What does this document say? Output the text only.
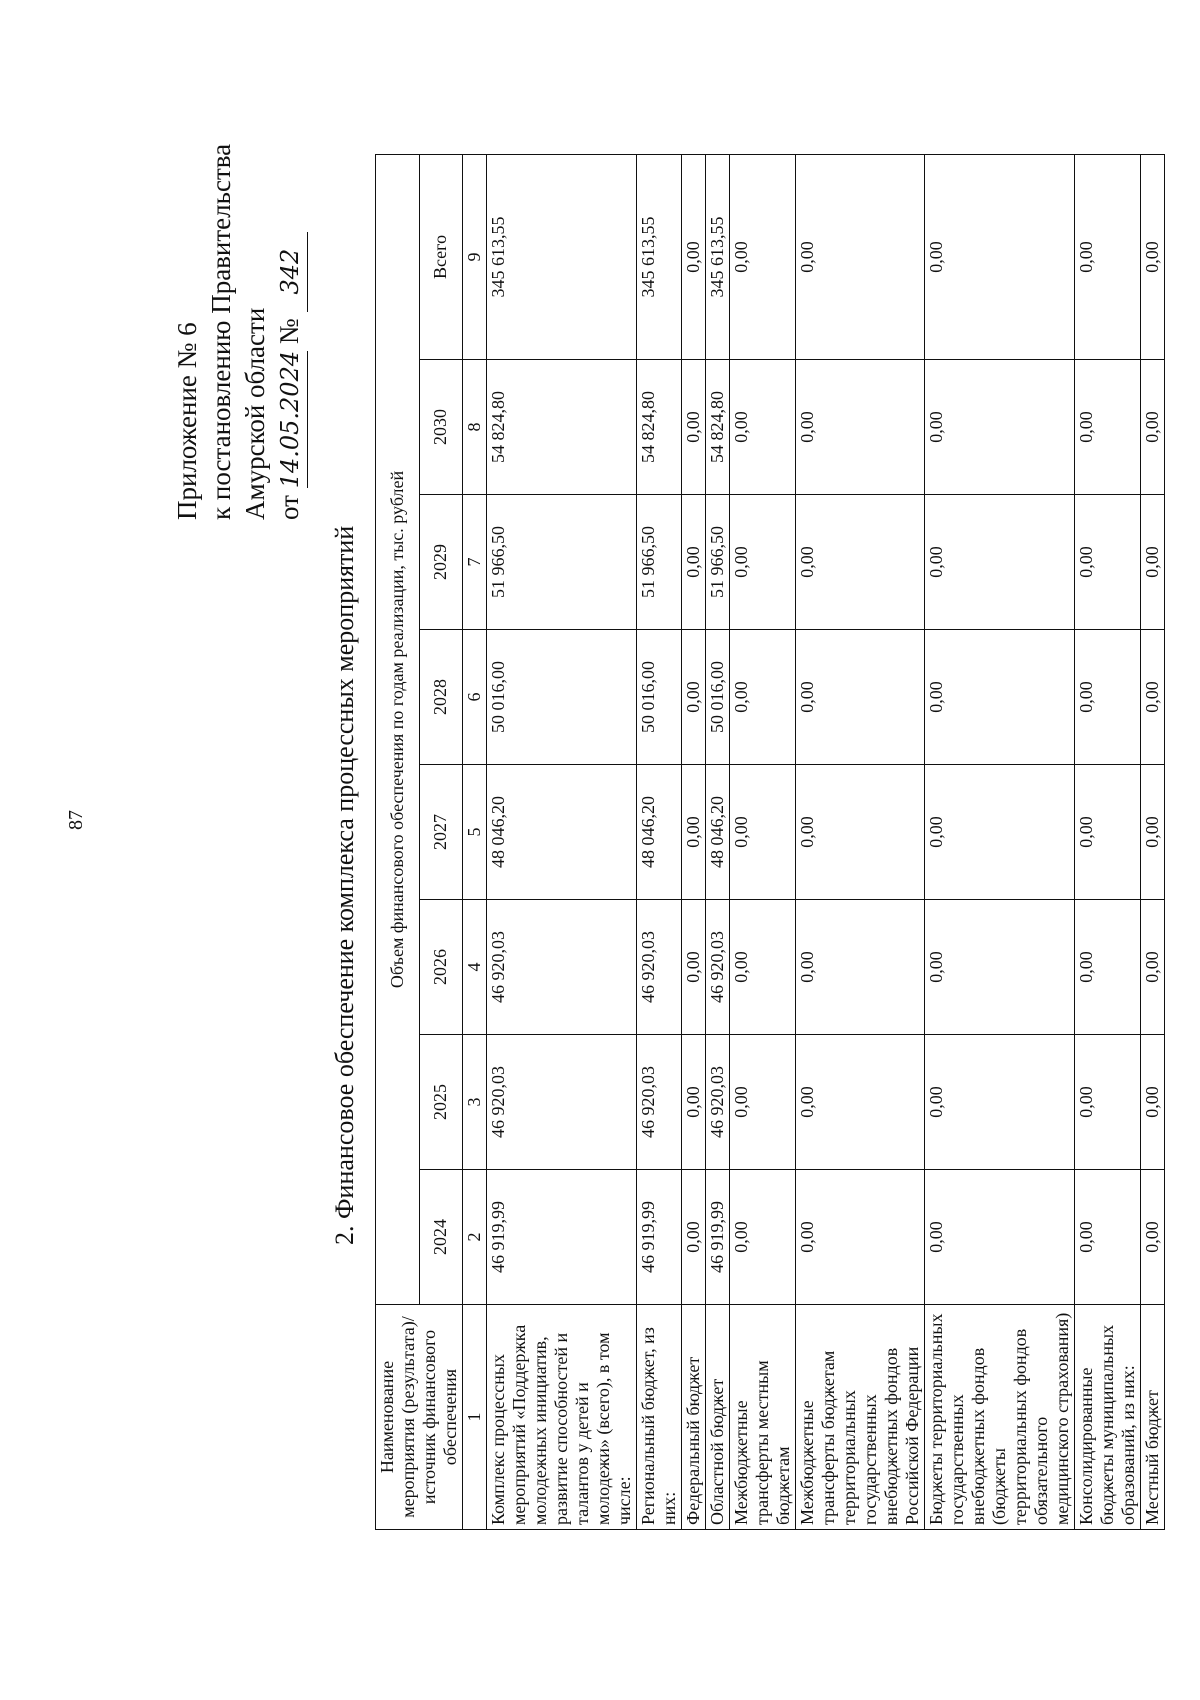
87
Приложение № 6 к постановлению Правительства Амурской области от 14.05.2024 № 342
2. Финансовое обеспечение комплекса процессных мероприятий
Наименование мероприятия (результата)/источник финансового обеспечения	Объем финансового обеспечения по годам реализации, тыс. рублей							
	2024	2025	2026	2027	2028	2029	2030	Всего
1	2	3	4	5	6	7	8	9
Комплекс процессных мероприятий «Поддержка молодежных инициатив, развитие способностей и талантов у детей и молодежи» (всего), в том числе:	46 919,99	46 920,03	46 920,03	48 046,20	50 016,00	51 966,50	54 824,80	345 613,55
Региональный бюджет, из них:	46 919,99	46 920,03	46 920,03	48 046,20	50 016,00	51 966,50	54 824,80	345 613,55
Федеральный бюджет	0,00	0,00	0,00	0,00	0,00	0,00	0,00	0,00
Областной бюджет	46 919,99	46 920,03	46 920,03	48 046,20	50 016,00	51 966,50	54 824,80	345 613,55
Межбюджетные трансферты местным бюджетам	0,00	0,00	0,00	0,00	0,00	0,00	0,00	0,00
Межбюджетные трансферты бюджетам территориальных государственных внебюджетных фондов Российской Федерации	0,00	0,00	0,00	0,00	0,00	0,00	0,00	0,00
Бюджеты территориальных государственных внебюджетных фондов (бюджеты территориальных фондов обязательного медицинского страхования)	0,00	0,00	0,00	0,00	0,00	0,00	0,00	0,00
Консолидированные бюджеты муниципальных образований, из них:	0,00	0,00	0,00	0,00	0,00	0,00	0,00	0,00
Местный бюджет	0,00	0,00	0,00	0,00	0,00	0,00	0,00	0,00
